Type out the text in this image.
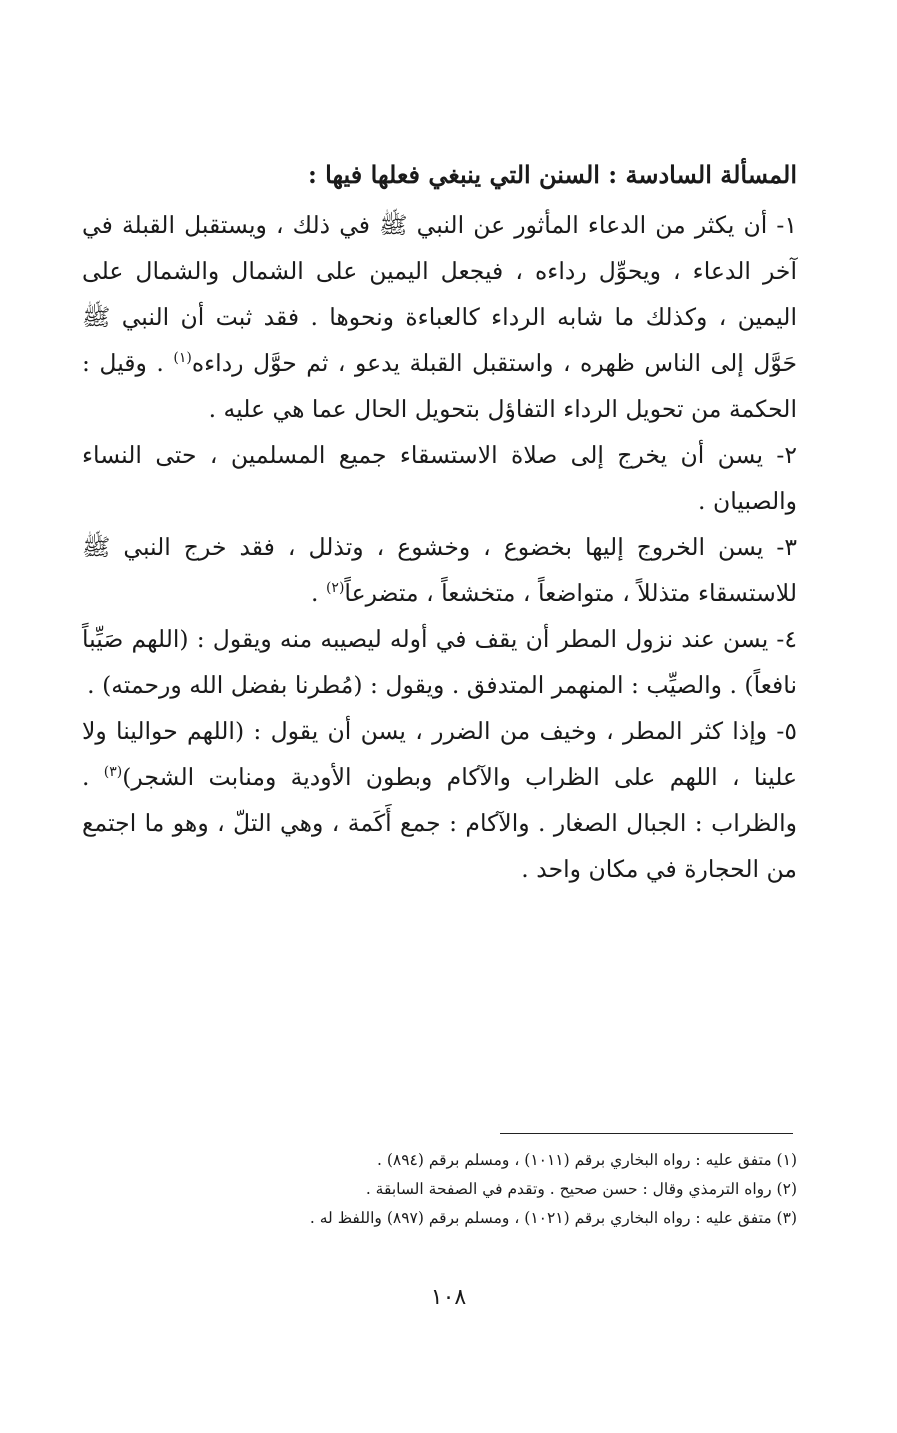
المسألة السادسة : السنن التي ينبغي فعلها فيها :

١- أن يكثر من الدعاء المأثور عن النبي ﷺ في ذلك ، ويستقبل القبلة في آخر الدعاء ، ويحوِّل رداءه ، فيجعل اليمين على الشمال والشمال على اليمين ، وكذلك ما شابه الرداء كالعباءة ونحوها . فقد ثبت أن النبي ﷺ حَوَّل إلى الناس ظهره ، واستقبل القبلة يدعو ، ثم حوَّل رداءه$^{(١)}$ . وقيل : الحكمة من تحويل الرداء التفاؤل بتحويل الحال عما هي عليه .

٢- يسن أن يخرج إلى صلاة الاستسقاء جميع المسلمين ، حتى النساء والصبيان .

٣- يسن الخروج إليها بخضوع ، وخشوع ، وتذلل ، فقد خرج النبي ﷺ للاستسقاء متذللاً ، متواضعاً ، متخشعاً ، متضرعاً$^{(٢)}$ .

٤- يسن عند نزول المطر أن يقف في أوله ليصيبه منه ويقول : (اللهم صَيِّباً نافعاً) . والصيِّب : المنهمر المتدفق . ويقول : (مُطرنا بفضل الله ورحمته) .

٥- وإذا كثر المطر ، وخيف من الضرر ، يسن أن يقول : (اللهم حوالينا ولا علينا ، اللهم على الظراب والآكام وبطون الأودية ومنابت الشجر)$^{(٣)}$ . والظراب : الجبال الصغار . والآكام : جمع أَكَمة ، وهي التلّ ، وهو ما اجتمع من الحجارة في مكان واحد .

(١) متفق عليه : رواه البخاري برقم (١٠١١) ، ومسلم برقم (٨٩٤) .

(٢) رواه الترمذي وقال : حسن صحيح . وتقدم في الصفحة السابقة .

(٣) متفق عليه : رواه البخاري برقم (١٠٢١) ، ومسلم برقم (٨٩٧) واللفظ له .

١٠٨
